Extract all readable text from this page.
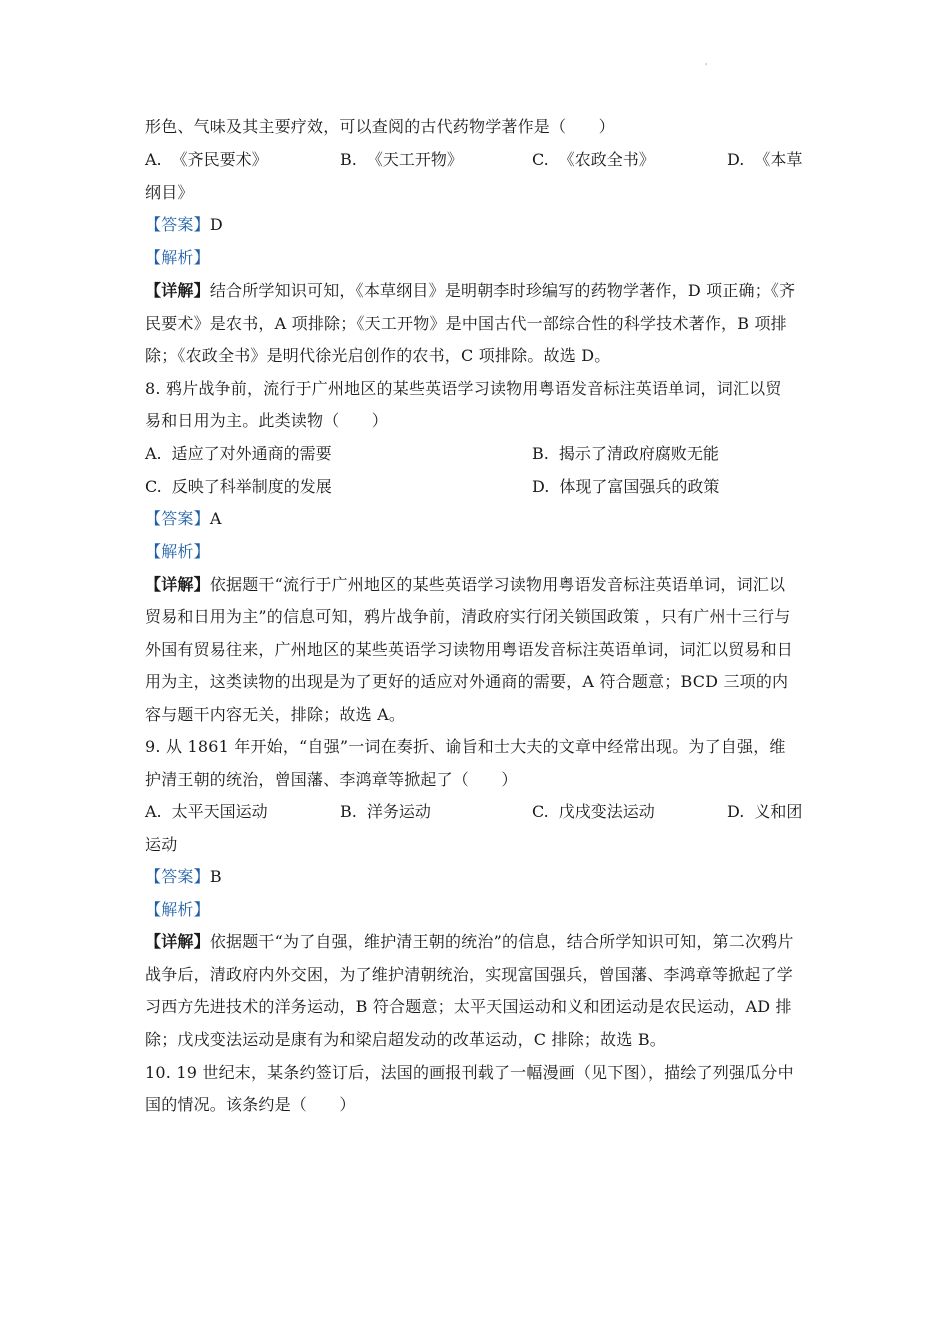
'
形色、气味及其主要疗效，可以查阅的古代药物学著作是（　　）
A. 《齐民要术》	B. 《天工开物》	C. 《农政全书》	D. 《本草
纲目》
【答案】D
【解析】
【详解】结合所学知识可知，《本草纲目》是明朝李时珍编写的药物学著作，D 项正确；《齐
民要术》是农书，A 项排除；《天工开物》是中国古代一部综合性的科学技术著作，B 项排
除；《农政全书》是明代徐光启创作的农书，C 项排除。故选 D。
8. 鸦片战争前，流行于广州地区的某些英语学习读物用粤语发音标注英语单词，词汇以贸
易和日用为主。此类读物（　　）
A. 适应了对外通商的需要	B. 揭示了清政府腐败无能
C. 反映了科举制度的发展	D. 体现了富国强兵的政策
【答案】A
【解析】
【详解】依据题干“流行于广州地区的某些英语学习读物用粤语发音标注英语单词，词汇以
贸易和日用为主”的信息可知，鸦片战争前，清政府实行闭关锁国政策 ，只有广州十三行与
外国有贸易往来，广州地区的某些英语学习读物用粤语发音标注英语单词，词汇以贸易和日
用为主，这类读物的出现是为了更好的适应对外通商的需要，A 符合题意；BCD 三项的内
容与题干内容无关，排除；故选 A。
9. 从 1861 年开始，“自强”一词在奏折、谕旨和士大夫的文章中经常出现。为了自强，维
护清王朝的统治，曾国藩、李鸿章等掀起了（　　）
A. 太平天国运动	B. 洋务运动	C. 戊戌变法运动	D. 义和团
运动
【答案】B
【解析】
【详解】依据题干“为了自强，维护清王朝的统治”的信息，结合所学知识可知，第二次鸦片
战争后，清政府内外交困，为了维护清朝统治，实现富国强兵，曾国藩、李鸿章等掀起了学
习西方先进技术的洋务运动，B 符合题意；太平天国运动和义和团运动是农民运动，AD 排
除；戊戌变法运动是康有为和梁启超发动的改革运动，C 排除；故选 B。
10. 19 世纪末，某条约签订后，法国的画报刊载了一幅漫画（见下图），描绘了列强瓜分中
国的情况。该条约是（　　）
